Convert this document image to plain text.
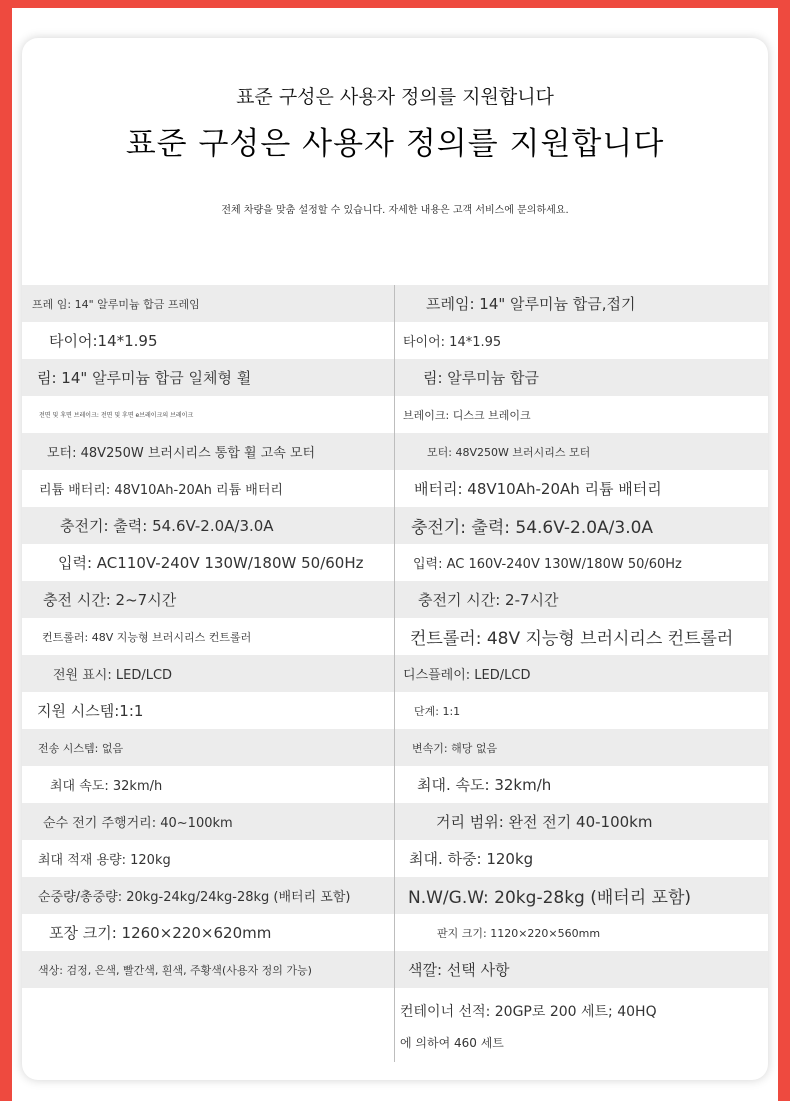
표준 구성은 사용자 정의를 지원합니다
표준 구성은 사용자 정의를 지원합니다
전체 차량을 맞춤 설정할 수 있습니다. 자세한 내용은 고객 서비스에 문의하세요.
프레 임: 14" 알루미늄 합금 프레임	프레임: 14" 알루미늄 합금,접기
타이어:14*1.95	타이어: 14*1.95
림: 14" 알루미늄 합금 일체형 휠	림: 알루미늄 합금
전면 및 후면 브레이크: 전면 및 후면 e브레이크의 브레이크	브레이크: 디스크 브레이크
모터: 48V250W 브러시리스 통합 휠 고속 모터	모터: 48V250W 브러시리스 모터
리튬 배터리: 48V10Ah-20Ah 리튬 배터리	배터리: 48V10Ah-20Ah 리튬 배터리
충전기: 출력: 54.6V-2.0A/3.0A	충전기: 출력: 54.6V-2.0A/3.0A
입력: AC110V-240V 130W/180W 50/60Hz	입력: AC 160V-240V 130W/180W 50/60Hz
충전 시간: 2~7시간	충전기 시간: 2-7시간
컨트롤러: 48V 지능형 브러시리스 컨트롤러	컨트롤러: 48V 지능형 브러시리스 컨트롤러
전원 표시: LED/LCD	디스플레이: LED/LCD
지원 시스템:1:1	단계: 1:1
전송 시스템: 없음	변속기: 해당 없음
최대 속도: 32km/h	최대. 속도: 32km/h
순수 전기 주행거리: 40~100km	거리 범위: 완전 전기 40-100km
최대 적재 용량: 120kg	최대. 하중: 120kg
순중량/총중량: 20kg-24kg/24kg-28kg (배터리 포함)	N.W/G.W: 20kg-28kg (배터리 포함)
포장 크기: 1260×220×620mm	판지 크기: 1120×220×560mm
색상: 검정, 은색, 빨간색, 흰색, 주황색(사용자 정의 가능)	색깔: 선택 사항
컨테이너 선적: 20GP로 200 세트; 40HQ
에 의하여 460 세트
